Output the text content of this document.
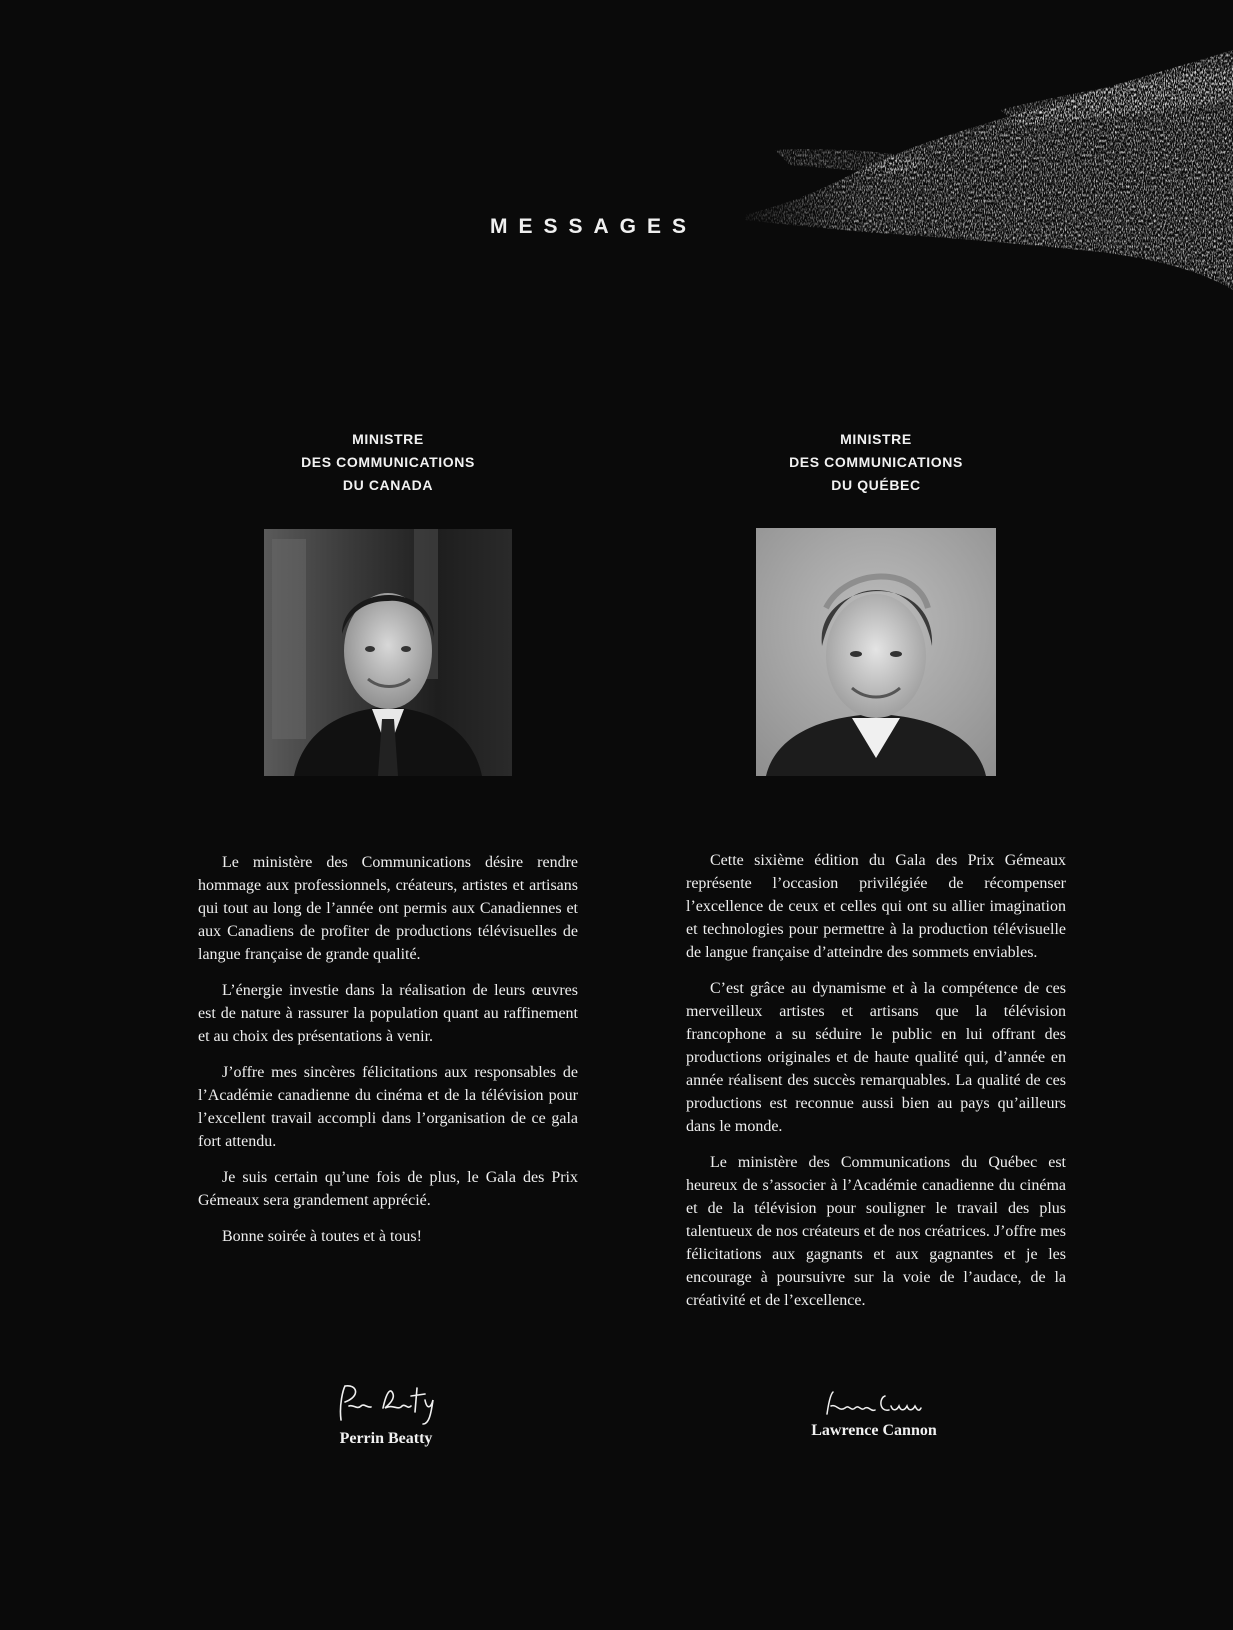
MESSAGES
MINISTRE
DES COMMUNICATIONS
DU CANADA

Le ministère des Communications désire rendre hommage aux professionnels, créateurs, artistes et artisans qui tout au long de l’année ont permis aux Canadiennes et aux Canadiens de profiter de productions télévisuelles de langue française de grande qualité.

L’énergie investie dans la réalisation de leurs œuvres est de nature à rassurer la population quant au raffinement et au choix des présentations à venir.

J’offre mes sincères félicitations aux responsables de l’Académie canadienne du cinéma et de la télévision pour l’excellent travail accompli dans l’organisation de ce gala fort attendu.

Je suis certain qu’une fois de plus, le Gala des Prix Gémeaux sera grandement apprécié.

Bonne soirée à toutes et à tous!

Perrin Beatty
MINISTRE
DES COMMUNICATIONS
DU QUÉBEC

Cette sixième édition du Gala des Prix Gémeaux représente l’occasion privilégiée de récompenser l’excellence de ceux et celles qui ont su allier imagination et technologies pour permettre à la production télévisuelle de langue française d’atteindre des sommets enviables.

C’est grâce au dynamisme et à la compétence de ces merveilleux artistes et artisans que la télévision francophone a su séduire le public en lui offrant des productions originales et de haute qualité qui, d’année en année réalisent des succès remarquables. La qualité de ces productions est reconnue aussi bien au pays qu’ailleurs dans le monde.

Le ministère des Communications du Québec est heureux de s’associer à l’Académie canadienne du cinéma et de la télévision pour souligner le travail des plus talentueux de nos créateurs et de nos créatrices. J’offre mes félicitations aux gagnants et aux gagnantes et je les encourage à poursuivre sur la voie de l’audace, de la créativité et de l’excellence.

Lawrence Cannon
